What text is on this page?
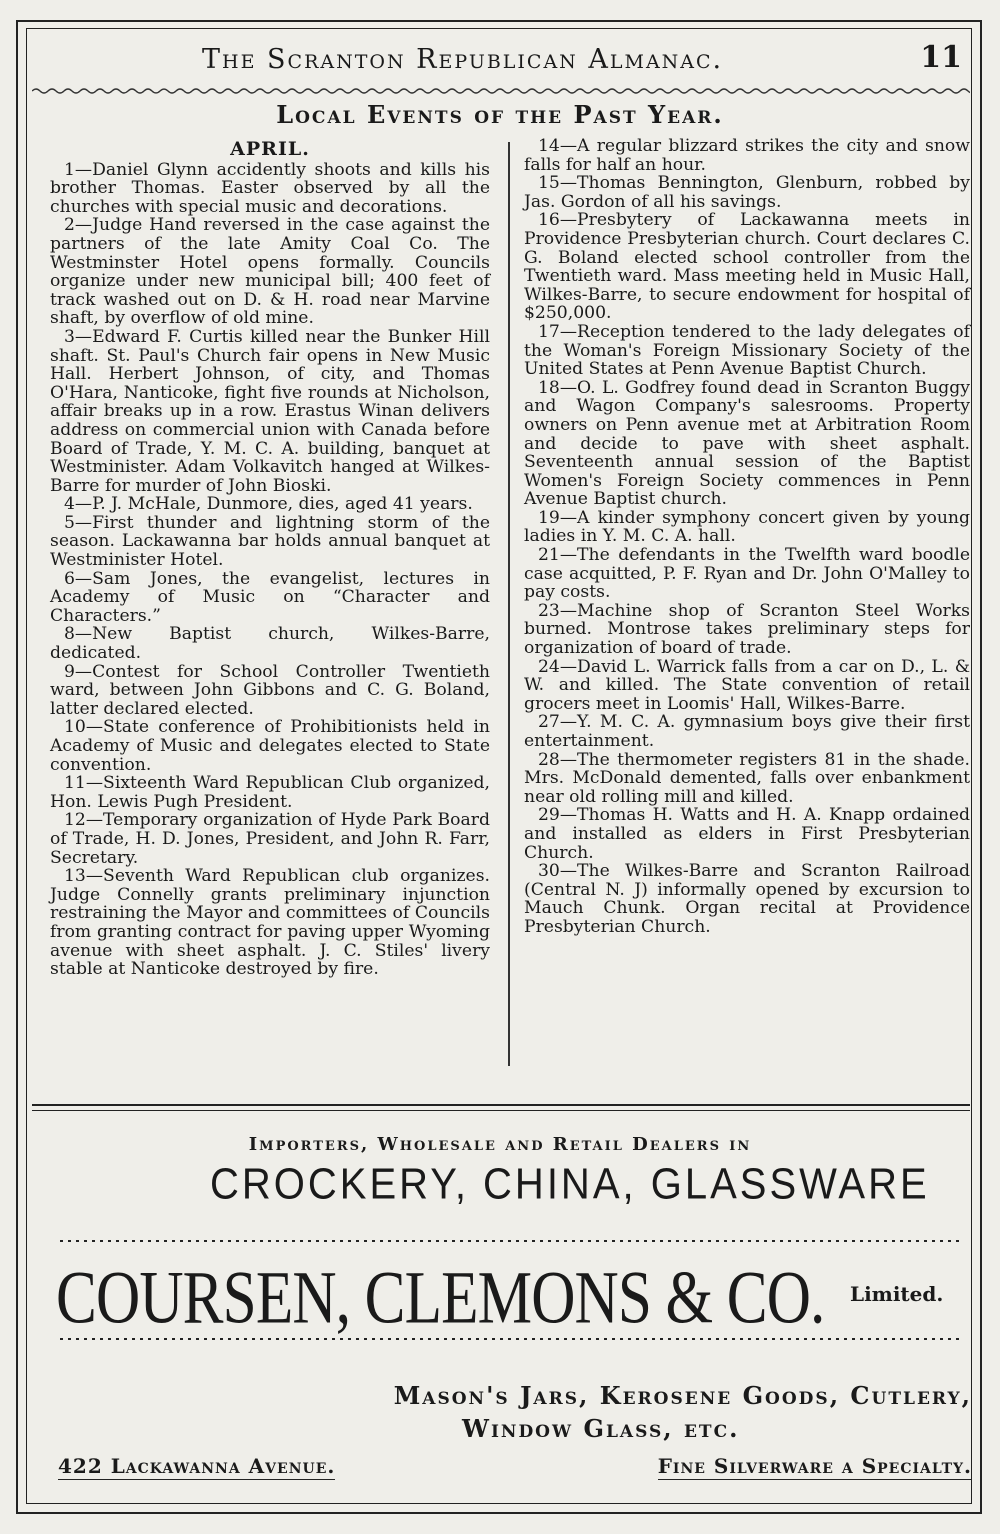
The Scranton Republican Almanac.	11
Local Events of the Past Year.
APRIL.

1—Daniel Glynn accidently shoots and kills his brother Thomas. Easter observed by all the churches with special music and decorations.

2—Judge Hand reversed in the case against the partners of the late Amity Coal Co. The Westminster Hotel opens formally. Councils organize under new municipal bill; 400 feet of track washed out on D. & H. road near Marvine shaft, by overflow of old mine.

3—Edward F. Curtis killed near the Bunker Hill shaft. St. Paul's Church fair opens in New Music Hall. Herbert Johnson, of city, and Thomas O'Hara, Nanticoke, fight five rounds at Nicholson, affair breaks up in a row. Erastus Winan delivers address on commercial union with Canada before Board of Trade, Y. M. C. A. building, banquet at Westminister. Adam Volkavitch hanged at Wilkes-Barre for murder of John Bioski.

4—P. J. McHale, Dunmore, dies, aged 41 years.

5—First thunder and lightning storm of the season. Lackawanna bar holds annual banquet at Westminister Hotel.

6—Sam Jones, the evangelist, lectures in Academy of Music on “Character and Characters.”

8—New Baptist church, Wilkes-Barre, dedicated.

9—Contest for School Controller Twentieth ward, between John Gibbons and C. G. Boland, latter declared elected.

10—State conference of Prohibitionists held in Academy of Music and delegates elected to State convention.

11—Sixteenth Ward Republican Club organized, Hon. Lewis Pugh President.

12—Temporary organization of Hyde Park Board of Trade, H. D. Jones, President, and John R. Farr, Secretary.

13—Seventh Ward Republican club organizes. Judge Connelly grants preliminary injunction restraining the Mayor and committees of Councils from granting contract for paving upper Wyoming avenue with sheet asphalt. J. C. Stiles' livery stable at Nanticoke destroyed by fire.

14—A regular blizzard strikes the city and snow falls for half an hour.

15—Thomas Bennington, Glenburn, robbed by Jas. Gordon of all his savings.

16—Presbytery of Lackawanna meets in Providence Presbyterian church. Court declares C. G. Boland elected school controller from the Twentieth ward. Mass meeting held in Music Hall, Wilkes-Barre, to secure endowment for hospital of $250,000.

17—Reception tendered to the lady delegates of the Woman's Foreign Missionary Society of the United States at Penn Avenue Baptist Church.

18—O. L. Godfrey found dead in Scranton Buggy and Wagon Company's salesrooms. Property owners on Penn avenue met at Arbitration Room and decide to pave with sheet asphalt. Seventeenth annual session of the Baptist Women's Foreign Society commences in Penn Avenue Baptist church.

19—A kinder symphony concert given by young ladies in Y. M. C. A. hall.

21—The defendants in the Twelfth ward boodle case acquitted, P. F. Ryan and Dr. John O'Malley to pay costs.

23—Machine shop of Scranton Steel Works burned. Montrose takes preliminary steps for organization of board of trade.

24—David L. Warrick falls from a car on D., L. & W. and killed. The State convention of retail grocers meet in Loomis' Hall, Wilkes-Barre.

27—Y. M. C. A. gymnasium boys give their first entertainment.

28—The thermometer registers 81 in the shade. Mrs. McDonald demented, falls over enbankment near old rolling mill and killed.

29—Thomas H. Watts and H. A. Knapp ordained and installed as elders in First Presbyterian Church.

30—The Wilkes-Barre and Scranton Railroad (Central N. J) informally opened by excursion to Mauch Chunk. Organ recital at Providence Presbyterian Church.

Importers, Wholesale and Retail Dealers in
CROCKERY, CHINA, GLASSWARE
COURSEN, CLEMONS & CO. Limited.
Mason's Jars, Kerosene Goods, Cutlery,
Window Glass, etc.
422 Lackawanna Avenue.	Fine Silverware a Specialty.
